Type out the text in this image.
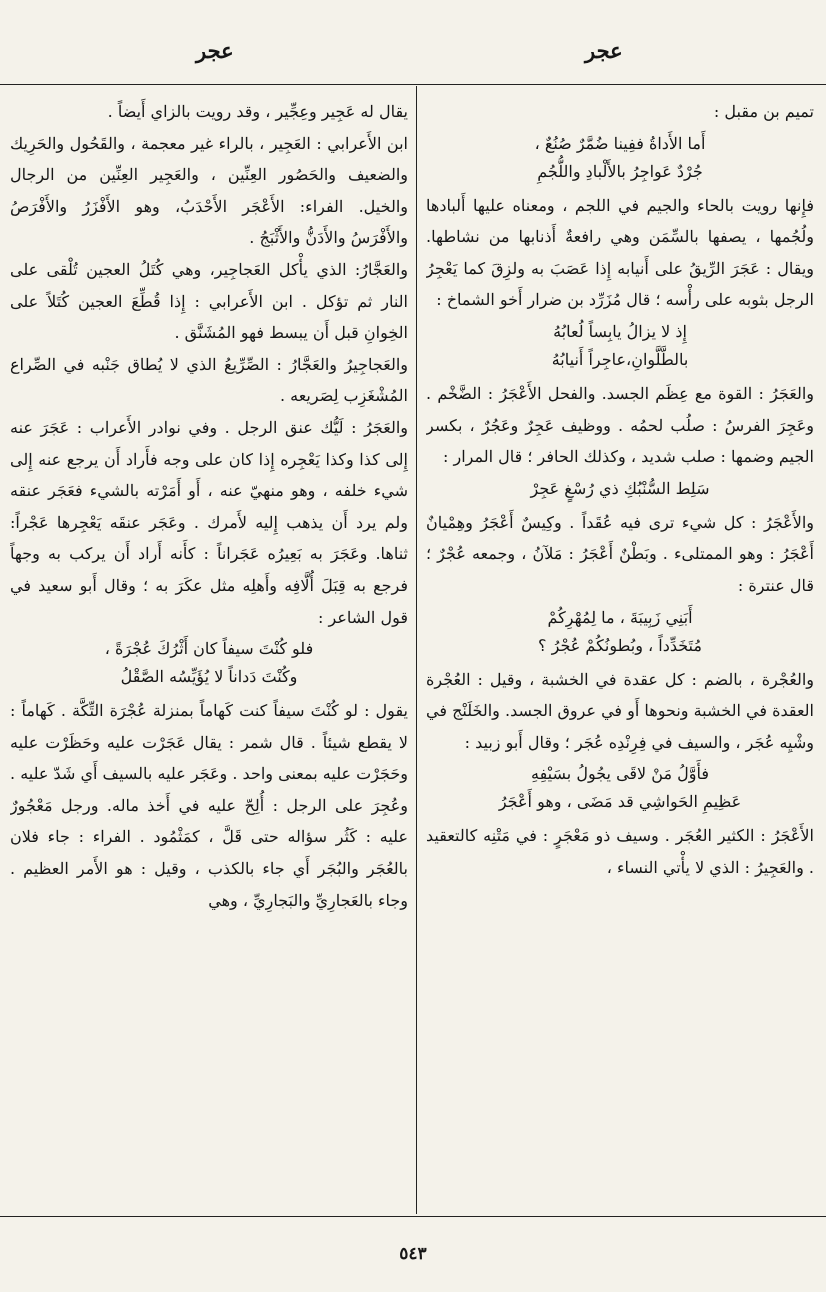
عجر
عجر

تميم بن مقبل :

أَما الأَداةُ ففِينا ضُمَّرٌ صُنُعٌ ،
جُرْدٌ عَواجِرُ بالأَلْبادِ واللُّجُمِ

فإِنها رويت بالحاء والجيم في اللجم ، ومعناه عليها أَلبادها ولُجُمها ، يصفها بالسِّمَن وهي رافعةٌ أَذنابها من نشاطها. ويقال : عَجَرَ الرِّيقُ على أَنيابه إِذا عَصَبَ به ولزِقَ كما يَعْجِرُ الرجل بثوبه على رأْسه ؛ قال مُزَرِّد بن ضرار أَخو الشماخ :

إِذ لا يزالُ يابِساً لُعابُهُ
بالطَّلَّوانِ،عاجِراً أَنيابُهُ

والعَجَرُ : القوة مع عِظَم الجسد. والفحل الأَعْجَرُ : الضَّخْم . وعَجِرَ الفرسُ : صلُب لحمُه . ووظيف عَجِرٌ وعَجُرٌ ، بكسر الجيم وضمها : صلب شديد ، وكذلك الحافر ؛ قال المرار :

سَلِط السُّنْبُكِ ذي رُسْغٍ عَجِرْ

والأَعْجَرُ : كل شيء ترى فيه عُقَداً . وكِيسٌ أَعْجَرُ وهِمْيانٌ أَعْجَرُ : وهو الممتلىء . وبَطْنٌ أَعْجَرُ : مَلآنُ ، وجمعه عُجْرٌ ؛ قال عنترة :

أَبَنِي زَبِيبَةَ ، ما لِمُهْرِكُمْ
مُتَخَدِّداً ، وبُطونُكُمْ عُجْرُ ؟

والعُجْرة ، بالضم : كل عقدة في الخشبة ، وقيل : العُجْرة العقدة في الخشبة ونحوها أَو في عروق الجسد. والخَلَنْج في وشْيِه عُجَر ، والسيف في فِرِنْدِه عُجَر ؛ وقال أَبو زبيد :

فأَوَّلُ مَنْ لاقَى يجُولُ بسَيْفِهِ
عَظِيمِ الحَواشِي قد مَضَى ، وهو أَعْجَرُ

الأَعْجَرُ : الكثير العُجَر . وسيف ذو مَعْجَرٍ : في مَتْنِه كالتعقيد . والعَجِيرُ : الذي لا يأْتي النساء ،

يقال له عَجِير وعِجِّير ، وقد رويت بالزاي أَيضاً .

ابن الأَعرابي : العَجِير ، بالراء غير معجمة ، والقَحُول والحَرِيك والضعيف والحَصُور العِنِّين ، والعَجِير العِنِّين من الرجال والخيل. الفراء: الأَعْجَر الأَحْدَبُ، وهو الأَفْزَرُ والأَفْرَصُ والأَفْرَسُ والأَدَنُّ والأَثْبَجُ .

والعَجَّارُ: الذي يأْكل العَجاجِير، وهي كُتَلُ العجين تُلْقى على النار ثم تؤكل . ابن الأَعرابي : إِذا قُطِّعَ العجين كُتَلاً على الخِوانِ قبل أَن يبسط فهو المُشَنَّق .

والعَجاجِيرُ والعَجَّارُ : الصِّرِّيعُ الذي لا يُطاق جَنْبه في الصِّراع المُشْغَزِب لِصَريعه .

والعَجَرُ : لَيُّك عنق الرجل . وفي نوادر الأَعراب : عَجَرَ عنه إِلى كذا وكذا يَعْجِره إِذا كان على وجه فأَراد أَن يرجع عنه إِلى شيء خلفه ، وهو منهيّ عنه ، أَو أَمَرْته بالشيء فعَجَر عنقه ولم يرد أَن يذهب إِليه لأَمرك . وعَجَر عنقَه يَعْجِرها عَجْراً: ثناها. وعَجَرَ به بَعِيرُه عَجَراناً : كأَنه أَراد أَن يركب به وجهاً فرجع به قِبَلَ أُلَّافِه وأَهلِه مثل عكَرَ به ؛ وقال أَبو سعيد في قول الشاعر :

فلو كُنْتَ سيفاً كان أَثْرُكَ عُجْرَةً ،
وكُنْتَ دَداناً لا يُؤَيِّسُه الصَّقْلُ

يقول : لو كُنْتَ سيفاً كنت كَهاماً بمنزلة عُجْرَة التِّكَّة . كَهاماً : لا يقطع شيئاً . قال شمر : يقال عَجَرْت عليه وحَظَرْت عليه وحَجَرْت عليه بمعنى واحد . وعَجَر عليه بالسيف أَي شَدّ عليه . وعُجِرَ على الرجل : أُلِحّ عليه في أَخذ ماله. ورجل مَعْجُورٌ عليه : كَثُر سؤاله حتى قَلَّ ، كمَثْمُود . الفراء : جاء فلان بالعُجَر والبُجَر أَي جاء بالكذب ، وقيل : هو الأَمر العظيم . وجاء بالعَجارِيِّ والبَجارِيِّ ، وهي

٥٤٣
